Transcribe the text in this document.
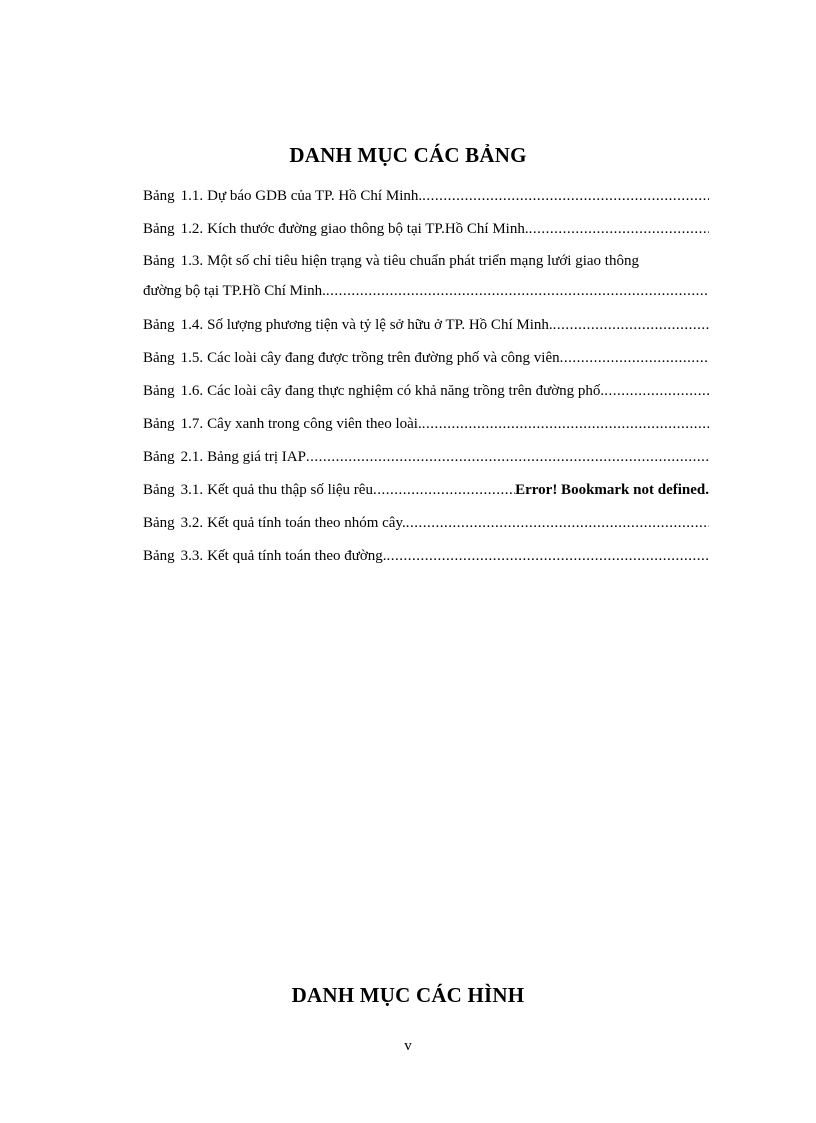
DANH MỤC CÁC BẢNG
Bảng 1.1. Dự báo GDB của TP. Hồ Chí Minh.
.....
Bảng 1.2. Kích thước đường giao thông bộ tại TP.Hồ Chí Minh.
.....
Bảng 1.3. Một số chỉ tiêu hiện trạng và tiêu chuẩn phát triển mạng lưới giao thông
đường bộ tại TP.Hồ Chí Minh.
.....
Bảng 1.4. Số lượng phương tiện và tỷ lệ sở hữu ở TP. Hồ Chí Minh.
.....
Bảng 1.5. Các loài cây đang được trồng trên đường phố và công viên
.....
Bảng 1.6. Các loài cây đang thực nghiệm có khả năng trồng trên đường phố.
.....
Bảng 1.7. Cây xanh trong công viên theo loài.
.....
Bảng 2.1. Bảng giá trị IAP
.....
Bảng 3.1. Kết quả thu thập số liệu rêu
.....	Error! Bookmark not defined.
Bảng 3.2. Kết quả tính toán theo nhóm cây.
.....
Bảng 3.3. Kết quả tính toán theo đường.
.....
DANH MỤC CÁC HÌNH
v
